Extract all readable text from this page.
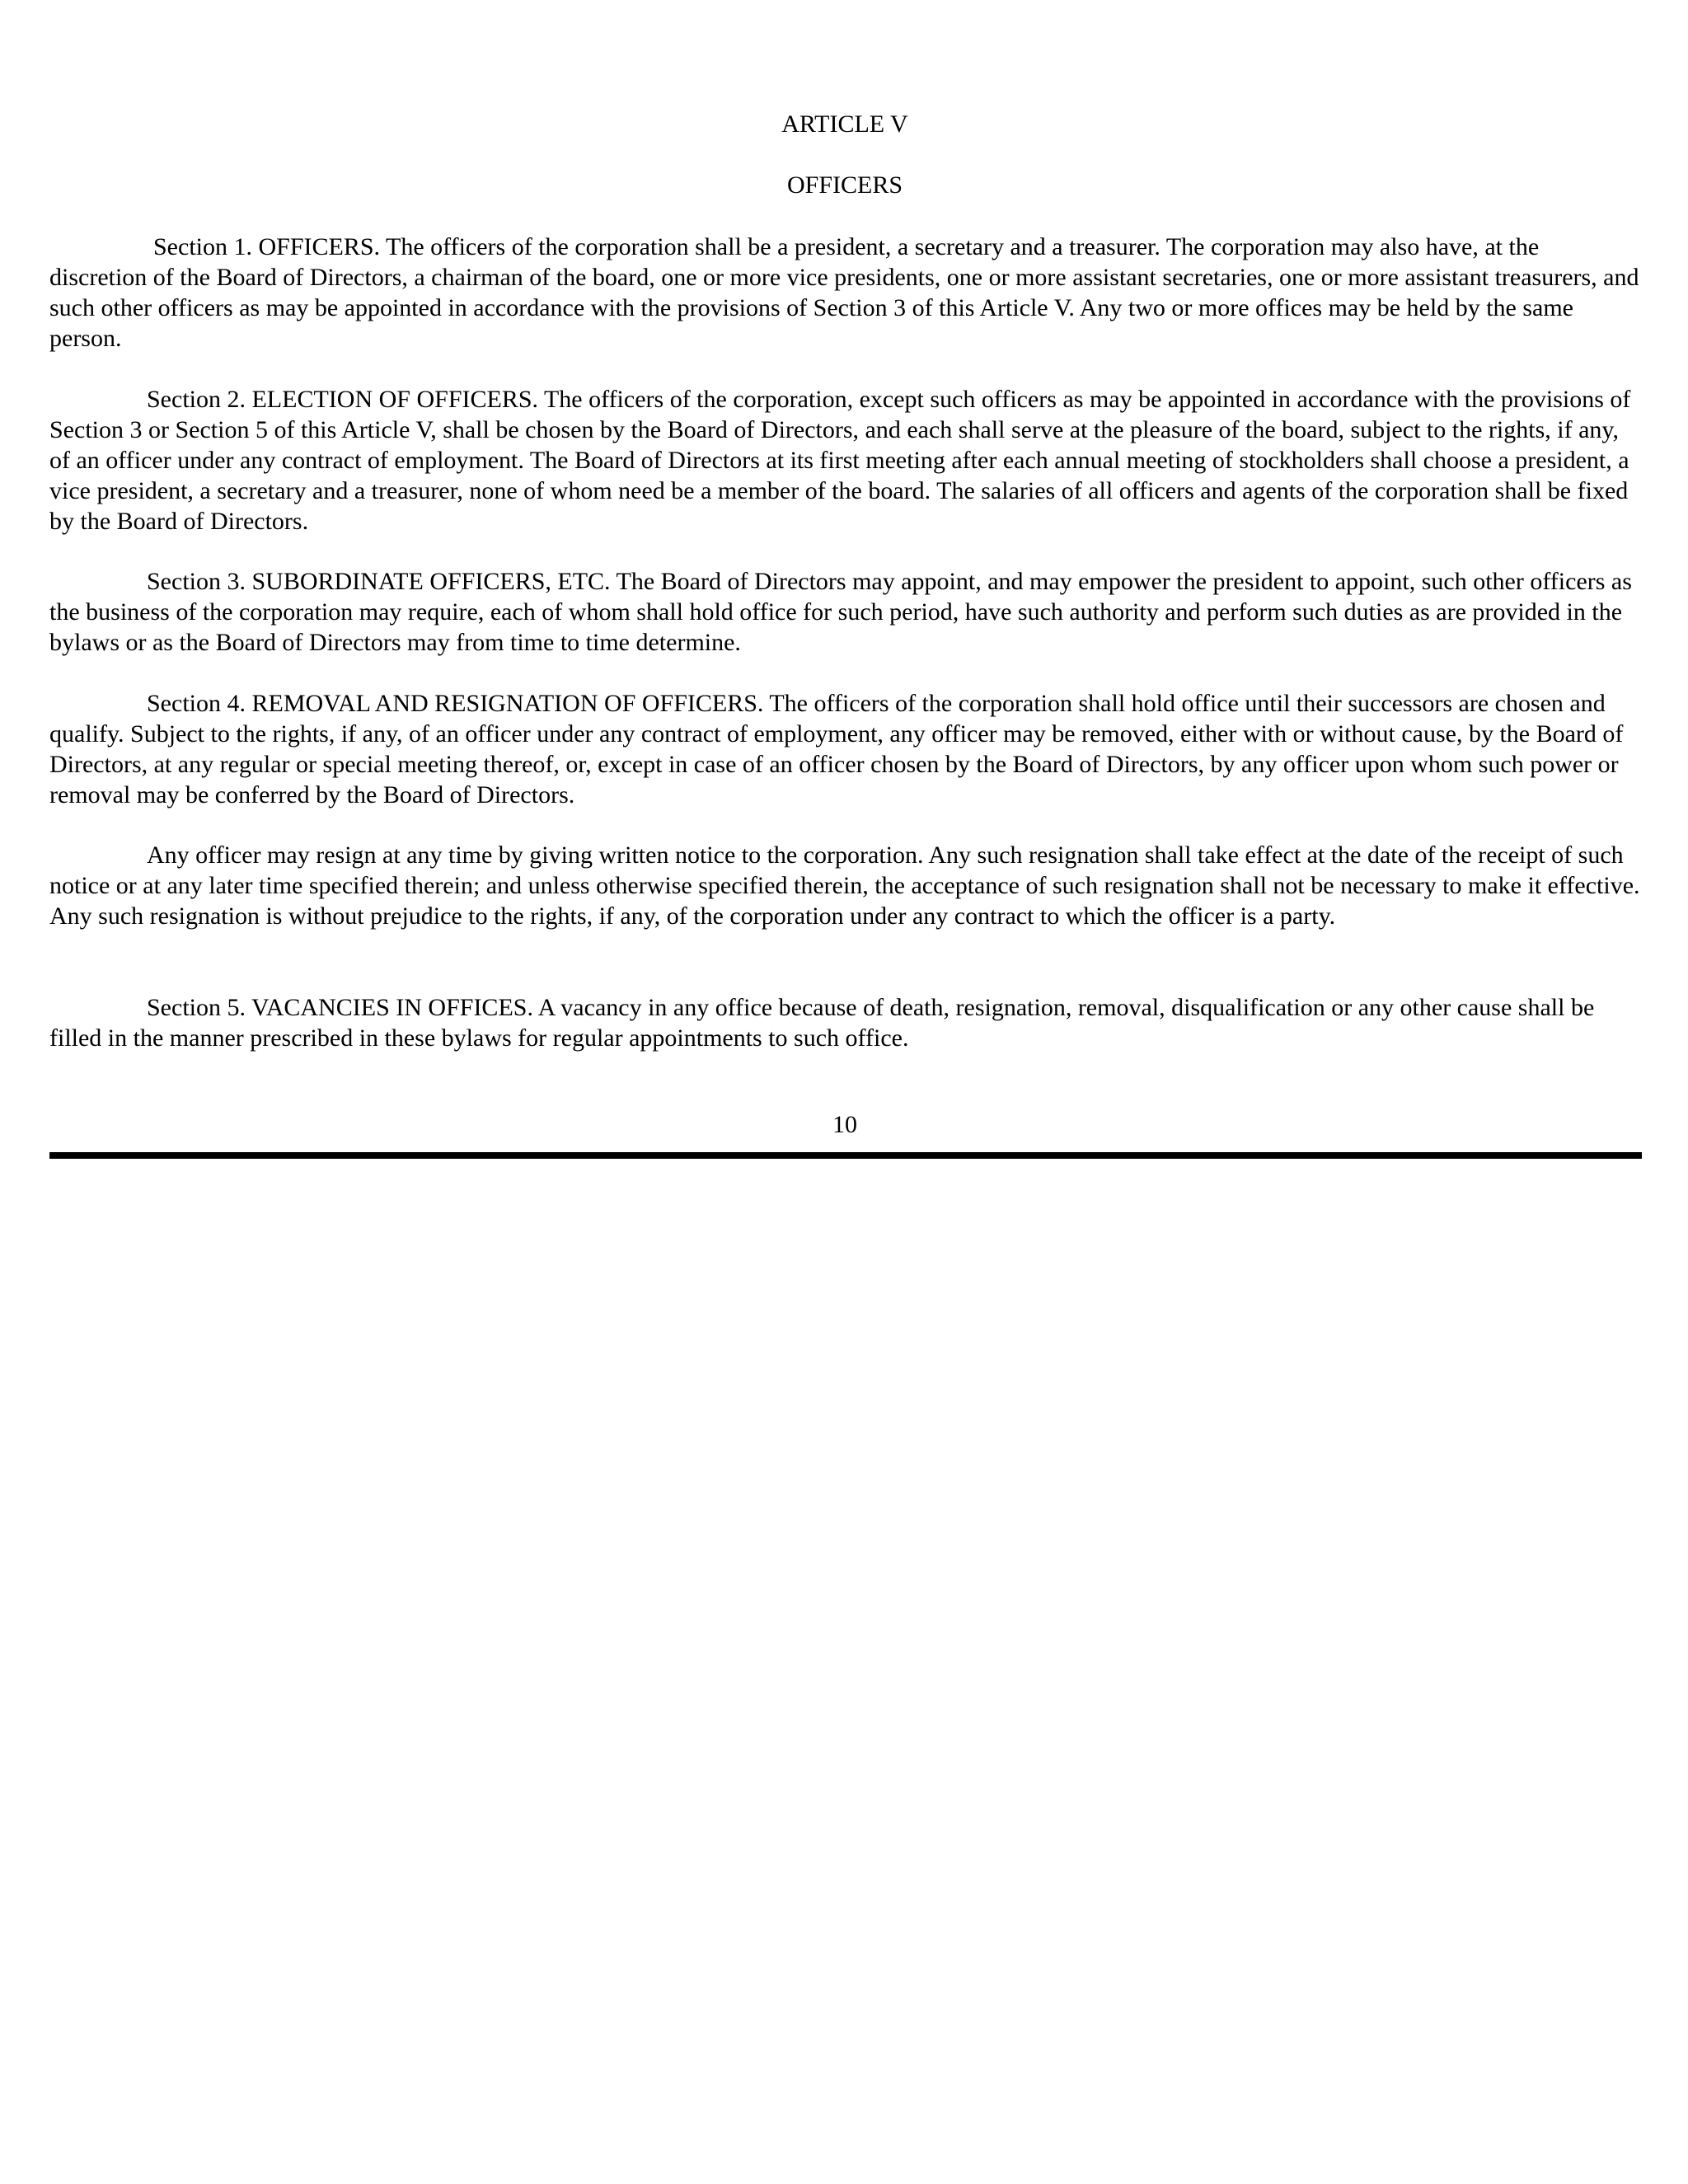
ARTICLE V
OFFICERS

Section 1. OFFICERS. The officers of the corporation shall be a president, a secretary and a treasurer. The corporation may also have, at the discretion of the Board of Directors, a chairman of the board, one or more vice presidents, one or more assistant secretaries, one or more assistant treasurers, and such other officers as may be appointed in accordance with the provisions of Section 3 of this Article V. Any two or more offices may be held by the same person.

Section 2. ELECTION OF OFFICERS. The officers of the corporation, except such officers as may be appointed in accordance with the provisions of Section 3 or Section 5 of this Article V, shall be chosen by the Board of Directors, and each shall serve at the pleasure of the board, subject to the rights, if any, of an officer under any contract of employment. The Board of Directors at its first meeting after each annual meeting of stockholders shall choose a president, a vice president, a secretary and a treasurer, none of whom need be a member of the board. The salaries of all officers and agents of the corporation shall be fixed by the Board of Directors.

Section 3. SUBORDINATE OFFICERS, ETC. The Board of Directors may appoint, and may empower the president to appoint, such other officers as the business of the corporation may require, each of whom shall hold office for such period, have such authority and perform such duties as are provided in the bylaws or as the Board of Directors may from time to time determine.

Section 4. REMOVAL AND RESIGNATION OF OFFICERS. The officers of the corporation shall hold office until their successors are chosen and qualify. Subject to the rights, if any, of an officer under any contract of employment, any officer may be removed, either with or without cause, by the Board of Directors, at any regular or special meeting thereof, or, except in case of an officer chosen by the Board of Directors, by any officer upon whom such power or removal may be conferred by the Board of Directors.

Any officer may resign at any time by giving written notice to the corporation. Any such resignation shall take effect at the date of the receipt of such notice or at any later time specified therein; and unless otherwise specified therein, the acceptance of such resignation shall not be necessary to make it effective. Any such resignation is without prejudice to the rights, if any, of the corporation under any contract to which the officer is a party.

Section 5. VACANCIES IN OFFICES. A vacancy in any office because of death, resignation, removal, disqualification or any other cause shall be filled in the manner prescribed in these bylaws for regular appointments to such office.

10
